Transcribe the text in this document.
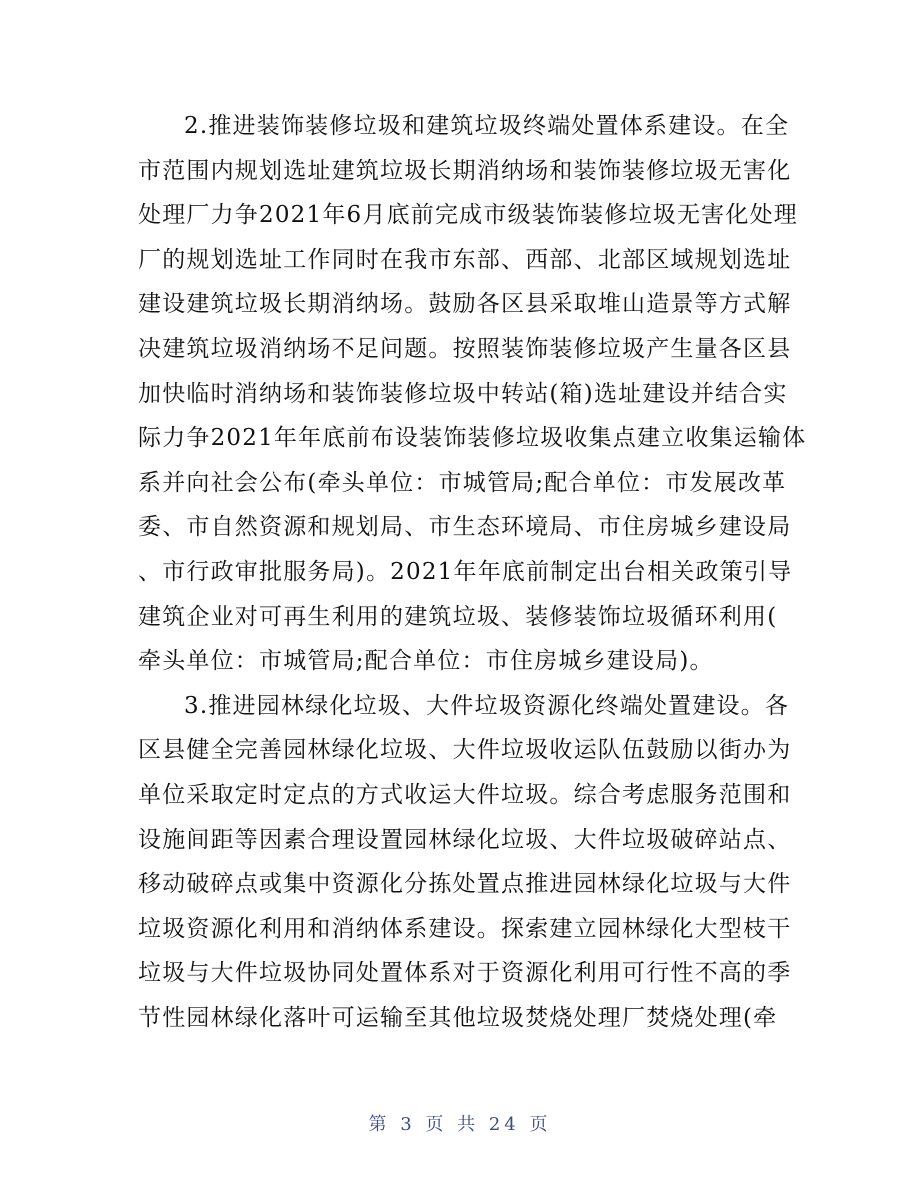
2.推进装饰装修垃圾和建筑垃圾终端处置体系建设。在全
市范围内规划选址建筑垃圾长期消纳场和装饰装修垃圾无害化
处理厂力争2021年6月底前完成市级装饰装修垃圾无害化处理
厂的规划选址工作同时在我市东部、西部、北部区域规划选址
建设建筑垃圾长期消纳场。鼓励各区县采取堆山造景等方式解
决建筑垃圾消纳场不足问题。按照装饰装修垃圾产生量各区县
加快临时消纳场和装饰装修垃圾中转站(箱)选址建设并结合实
际力争2021年年底前布设装饰装修垃圾收集点建立收集运输体
系并向社会公布(牵头单位：市城管局;配合单位：市发展改革
委、市自然资源和规划局、市生态环境局、市住房城乡建设局
、市行政审批服务局)。2021年年底前制定出台相关政策引导
建筑企业对可再生利用的建筑垃圾、装修装饰垃圾循环利用(
牵头单位：市城管局;配合单位：市住房城乡建设局)。
3.推进园林绿化垃圾、大件垃圾资源化终端处置建设。各
区县健全完善园林绿化垃圾、大件垃圾收运队伍鼓励以街办为
单位采取定时定点的方式收运大件垃圾。综合考虑服务范围和
设施间距等因素合理设置园林绿化垃圾、大件垃圾破碎站点、
移动破碎点或集中资源化分拣处置点推进园林绿化垃圾与大件
垃圾资源化利用和消纳体系建设。探索建立园林绿化大型枝干
垃圾与大件垃圾协同处置体系对于资源化利用可行性不高的季
节性园林绿化落叶可运输至其他垃圾焚烧处理厂焚烧处理(牵
第 3 页 共 24 页
